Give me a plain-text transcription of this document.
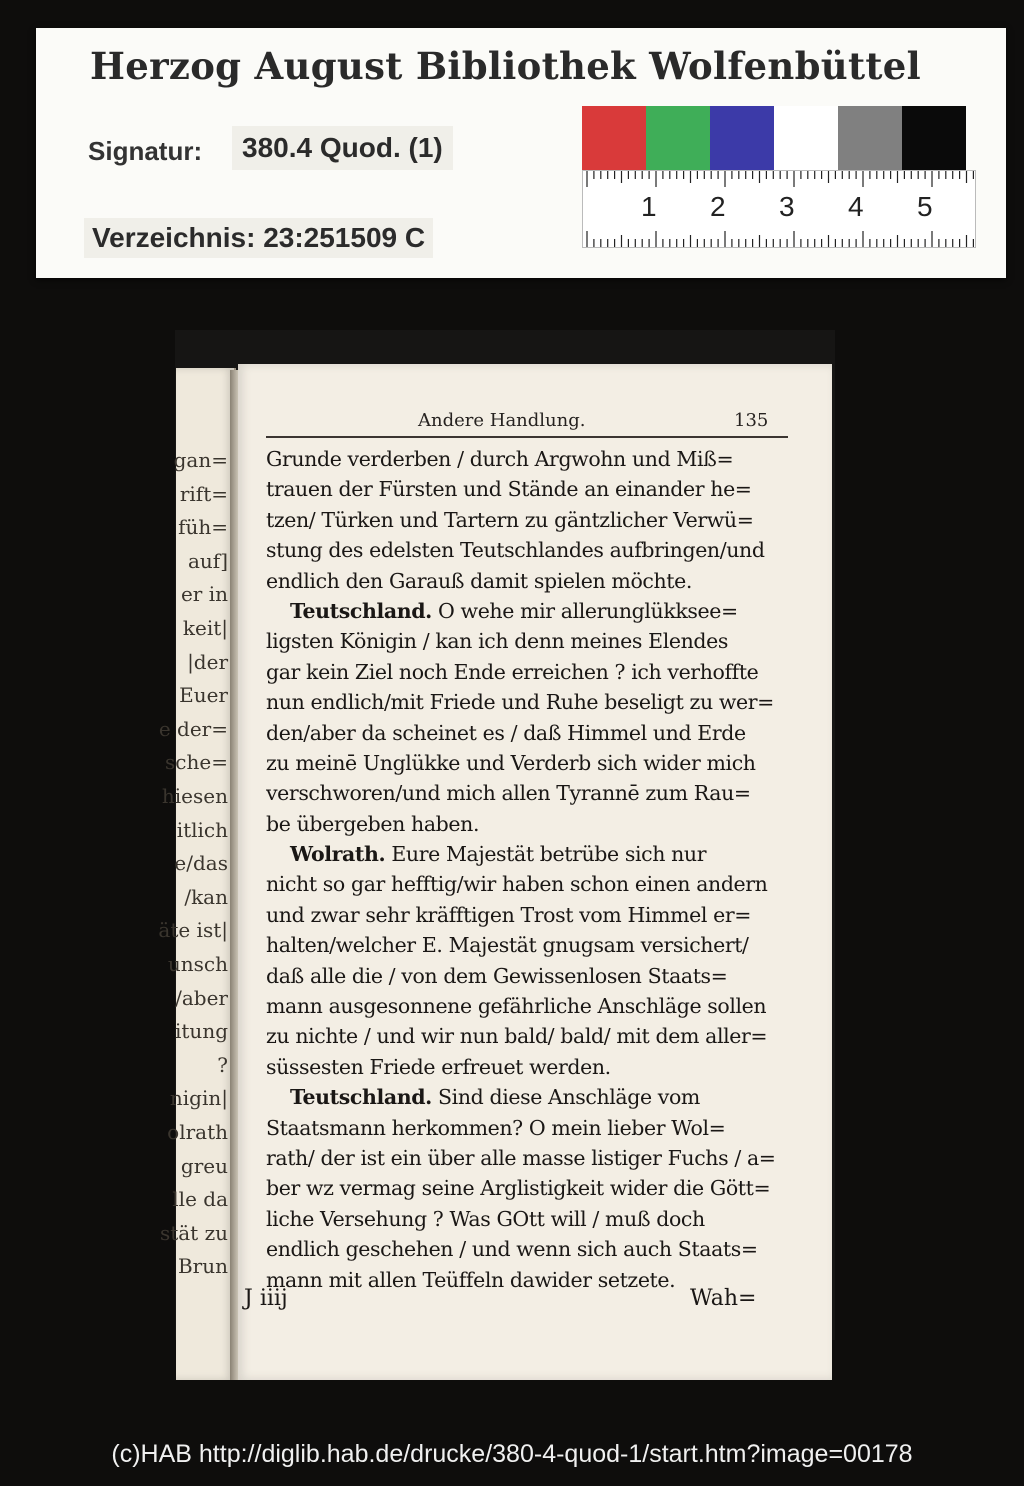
Herzog August Bibliothek Wolfenbüttel
Signatur:	380.4 Quod. (1)
Verzeichnis: 23:251509 C
1 2 3 4 5
gan=
rift=
füh=
auf]
er in
keit|
|der
Euer
e der=
sche=
hiesen
itlich
e/das
/kan
äte ist|
unsch
/aber
itung
?
nigin|
olrath
greu
lle da
stät zu
Brun
Andere Handlung.	135
Grunde verderben / durch Argwohn und Miß=
trauen der Fürsten und Stände an einander he=
tzen/ Türken und Tartern zu gäntzlicher Verwü=
stung des edelsten Teutschlandes aufbringen/und
endlich den Garauß damit spielen möchte.
Teutschland. O wehe mir allerunglükksee=
ligsten Königin / kan ich denn meines Elendes
gar kein Ziel noch Ende erreichen ? ich verhoffte
nun endlich/mit Friede und Ruhe beseligt zu wer=
den/aber da scheinet es / daß Himmel und Erde
zu meinē Unglükke und Verderb sich wider mich
verschworen/und mich allen Tyrannē zum Rau=
be übergeben haben.
Wolrath. Eure Majestät betrübe sich nur
nicht so gar hefftig/wir haben schon einen andern
und zwar sehr kräfftigen Trost vom Himmel er=
halten/welcher E. Majestät gnugsam versichert/
daß alle die / von dem Gewissenlosen Staats=
mann ausgesonnene gefährliche Anschläge sollen
zu nichte / und wir nun bald/ bald/ mit dem aller=
süssesten Friede erfreuet werden.
Teutschland. Sind diese Anschläge vom
Staatsmann herkommen? O mein lieber Wol=
rath/ der ist ein über alle masse listiger Fuchs / a=
ber wz vermag seine Arglistigkeit wider die Gött=
liche Versehung ? Was GOtt will / muß doch
endlich geschehen / und wenn sich auch Staats=
mann mit allen Teüffeln dawider setzete.
J iiij	Wah=
(c)HAB http://diglib.hab.de/drucke/380-4-quod-1/start.htm?image=00178
